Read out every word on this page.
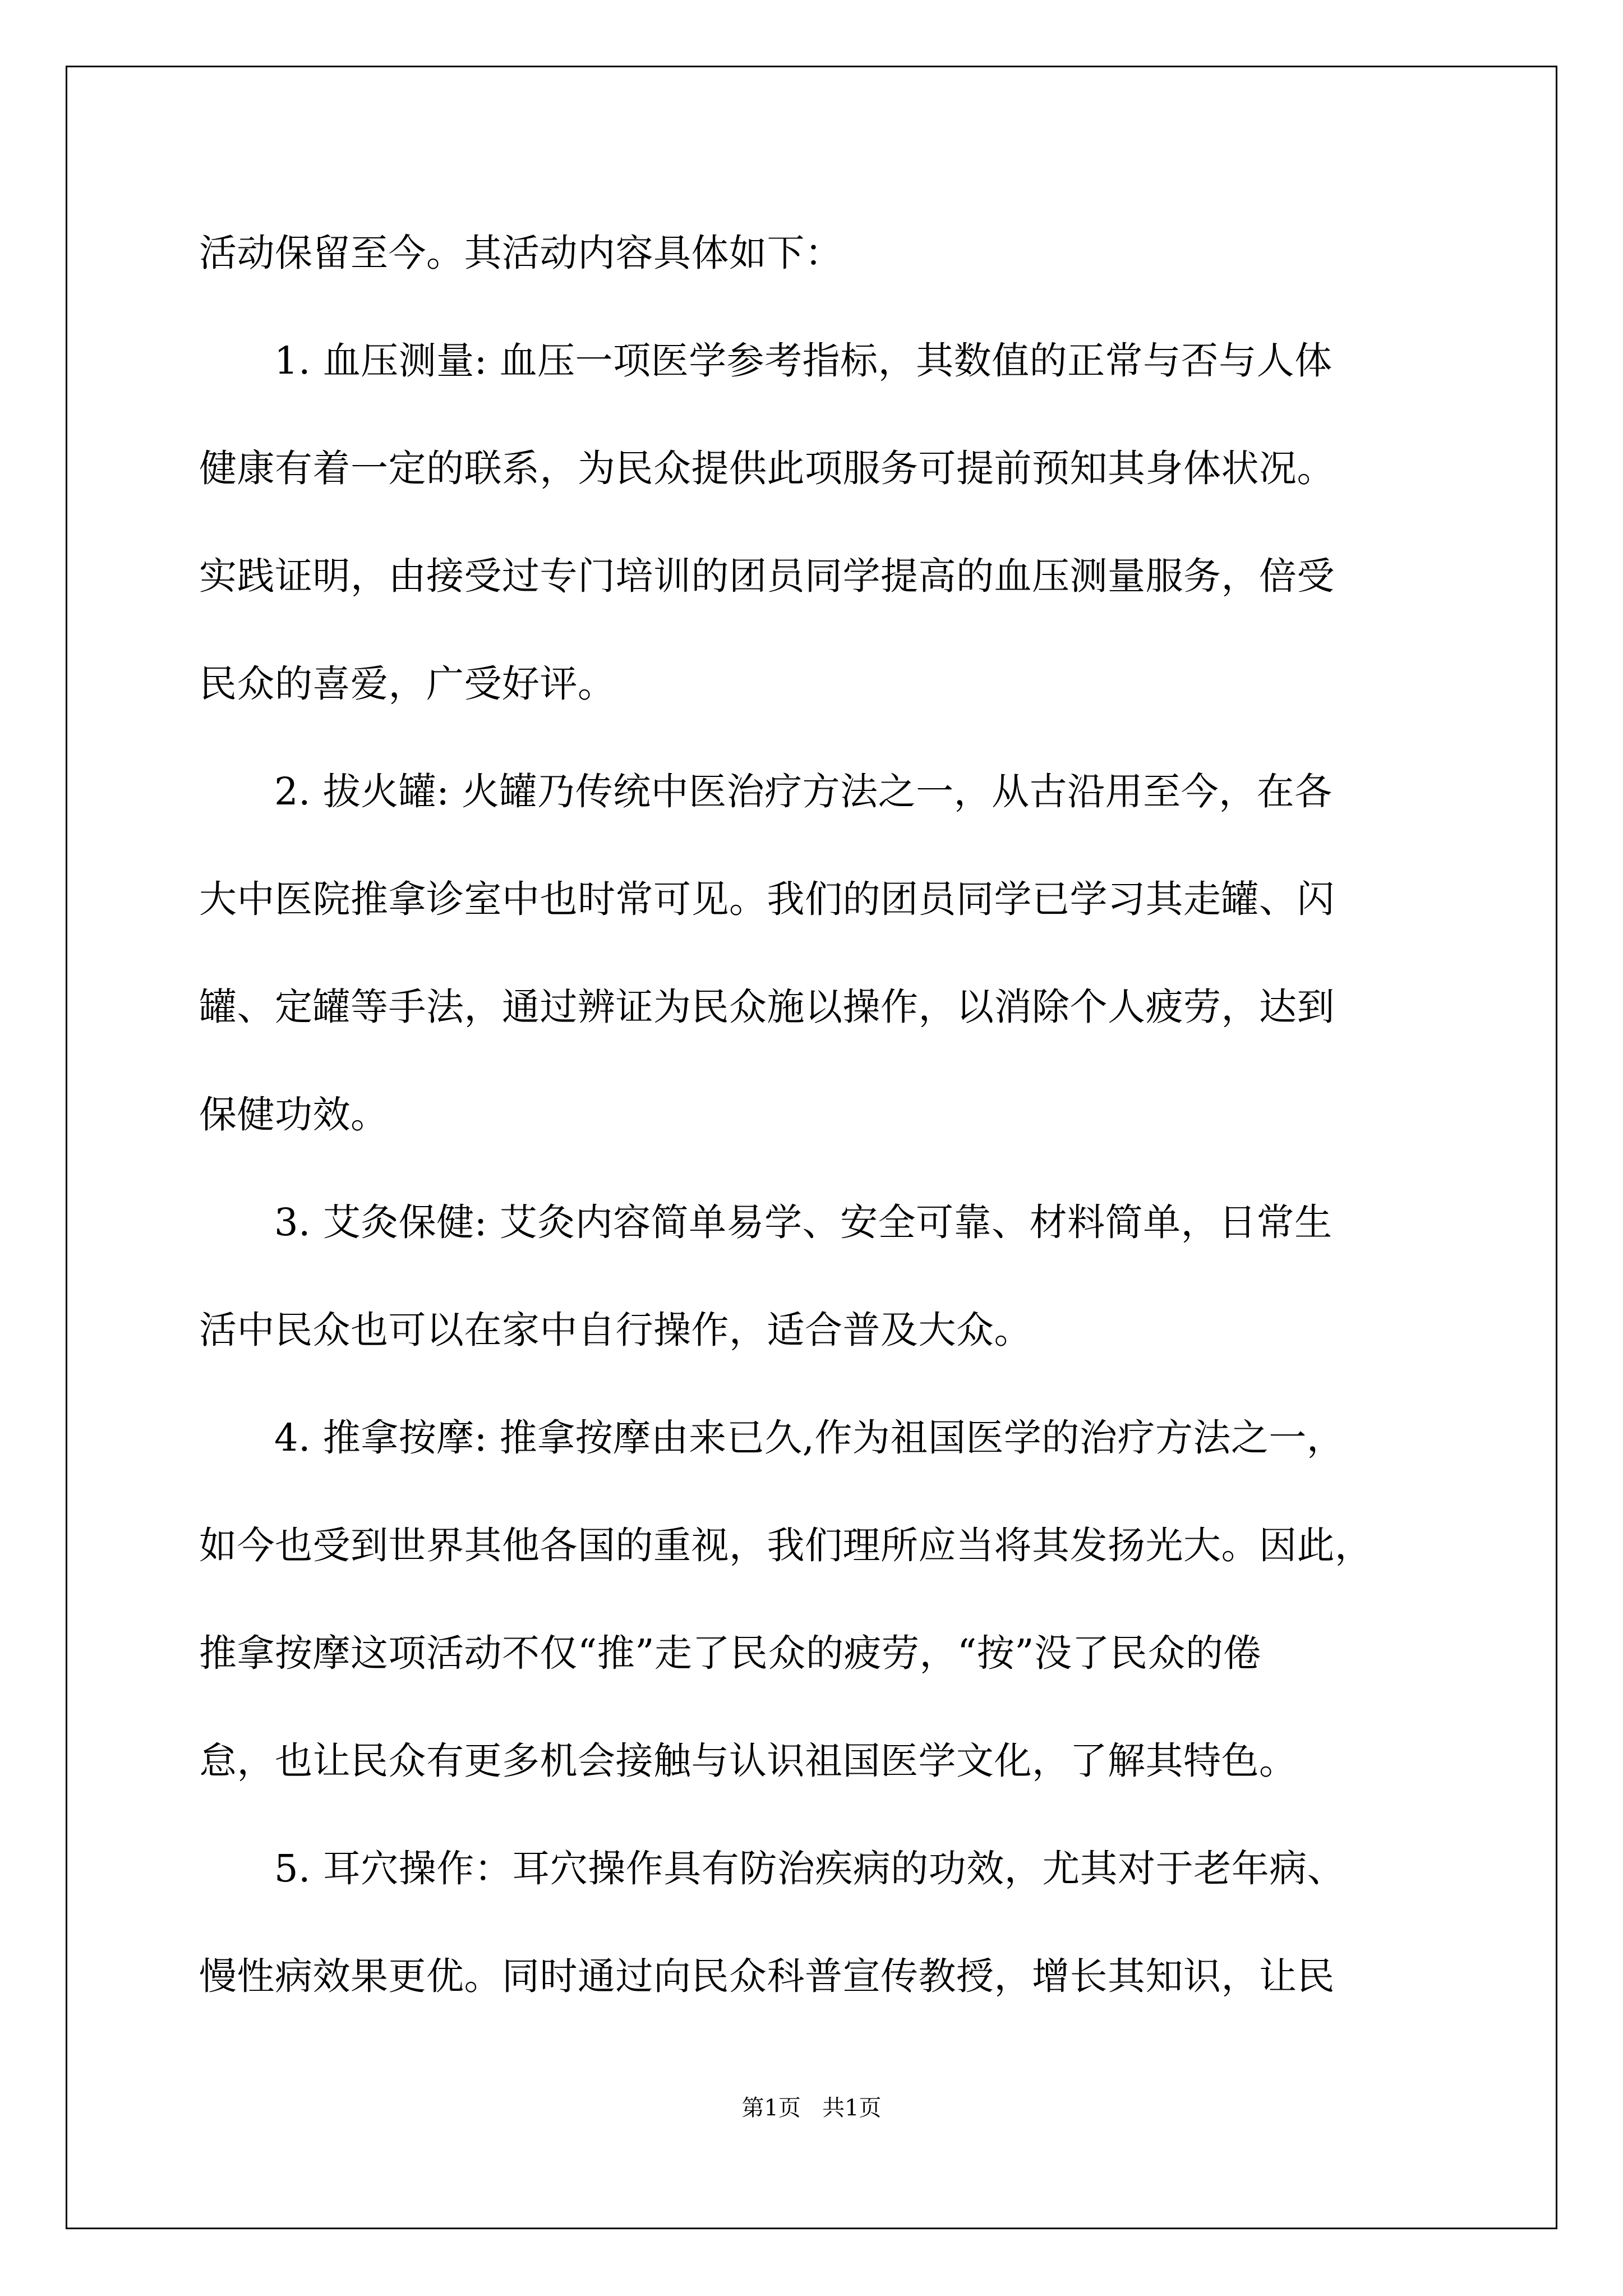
活动保留至今。其活动内容具体如下：
1. 血压测量: 血压一项医学参考指标，其数值的正常与否与人体
健康有着一定的联系，为民众提供此项服务可提前预知其身体状况。
实践证明，由接受过专门培训的团员同学提高的血压测量服务，倍受
民众的喜爱，广受好评。
2. 拔火罐: 火罐乃传统中医治疗方法之一，从古沿用至今，在各
大中医院推拿诊室中也时常可见。我们的团员同学已学习其走罐、闪
罐、定罐等手法，通过辨证为民众施以操作，以消除个人疲劳，达到
保健功效。
3. 艾灸保健: 艾灸内容简单易学、安全可靠、材料简单，日常生
活中民众也可以在家中自行操作，适合普及大众。
4. 推拿按摩: 推拿按摩由来已久,作为祖国医学的治疗方法之一，
如今也受到世界其他各国的重视，我们理所应当将其发扬光大。因此，
推拿按摩这项活动不仅“推”走了民众的疲劳，“按”没了民众的倦
怠，也让民众有更多机会接触与认识祖国医学文化，了解其特色。
5. 耳穴操作：耳穴操作具有防治疾病的功效，尤其对于老年病、
慢性病效果更优。同时通过向民众科普宣传教授，增长其知识，让民
第1页 共1页
